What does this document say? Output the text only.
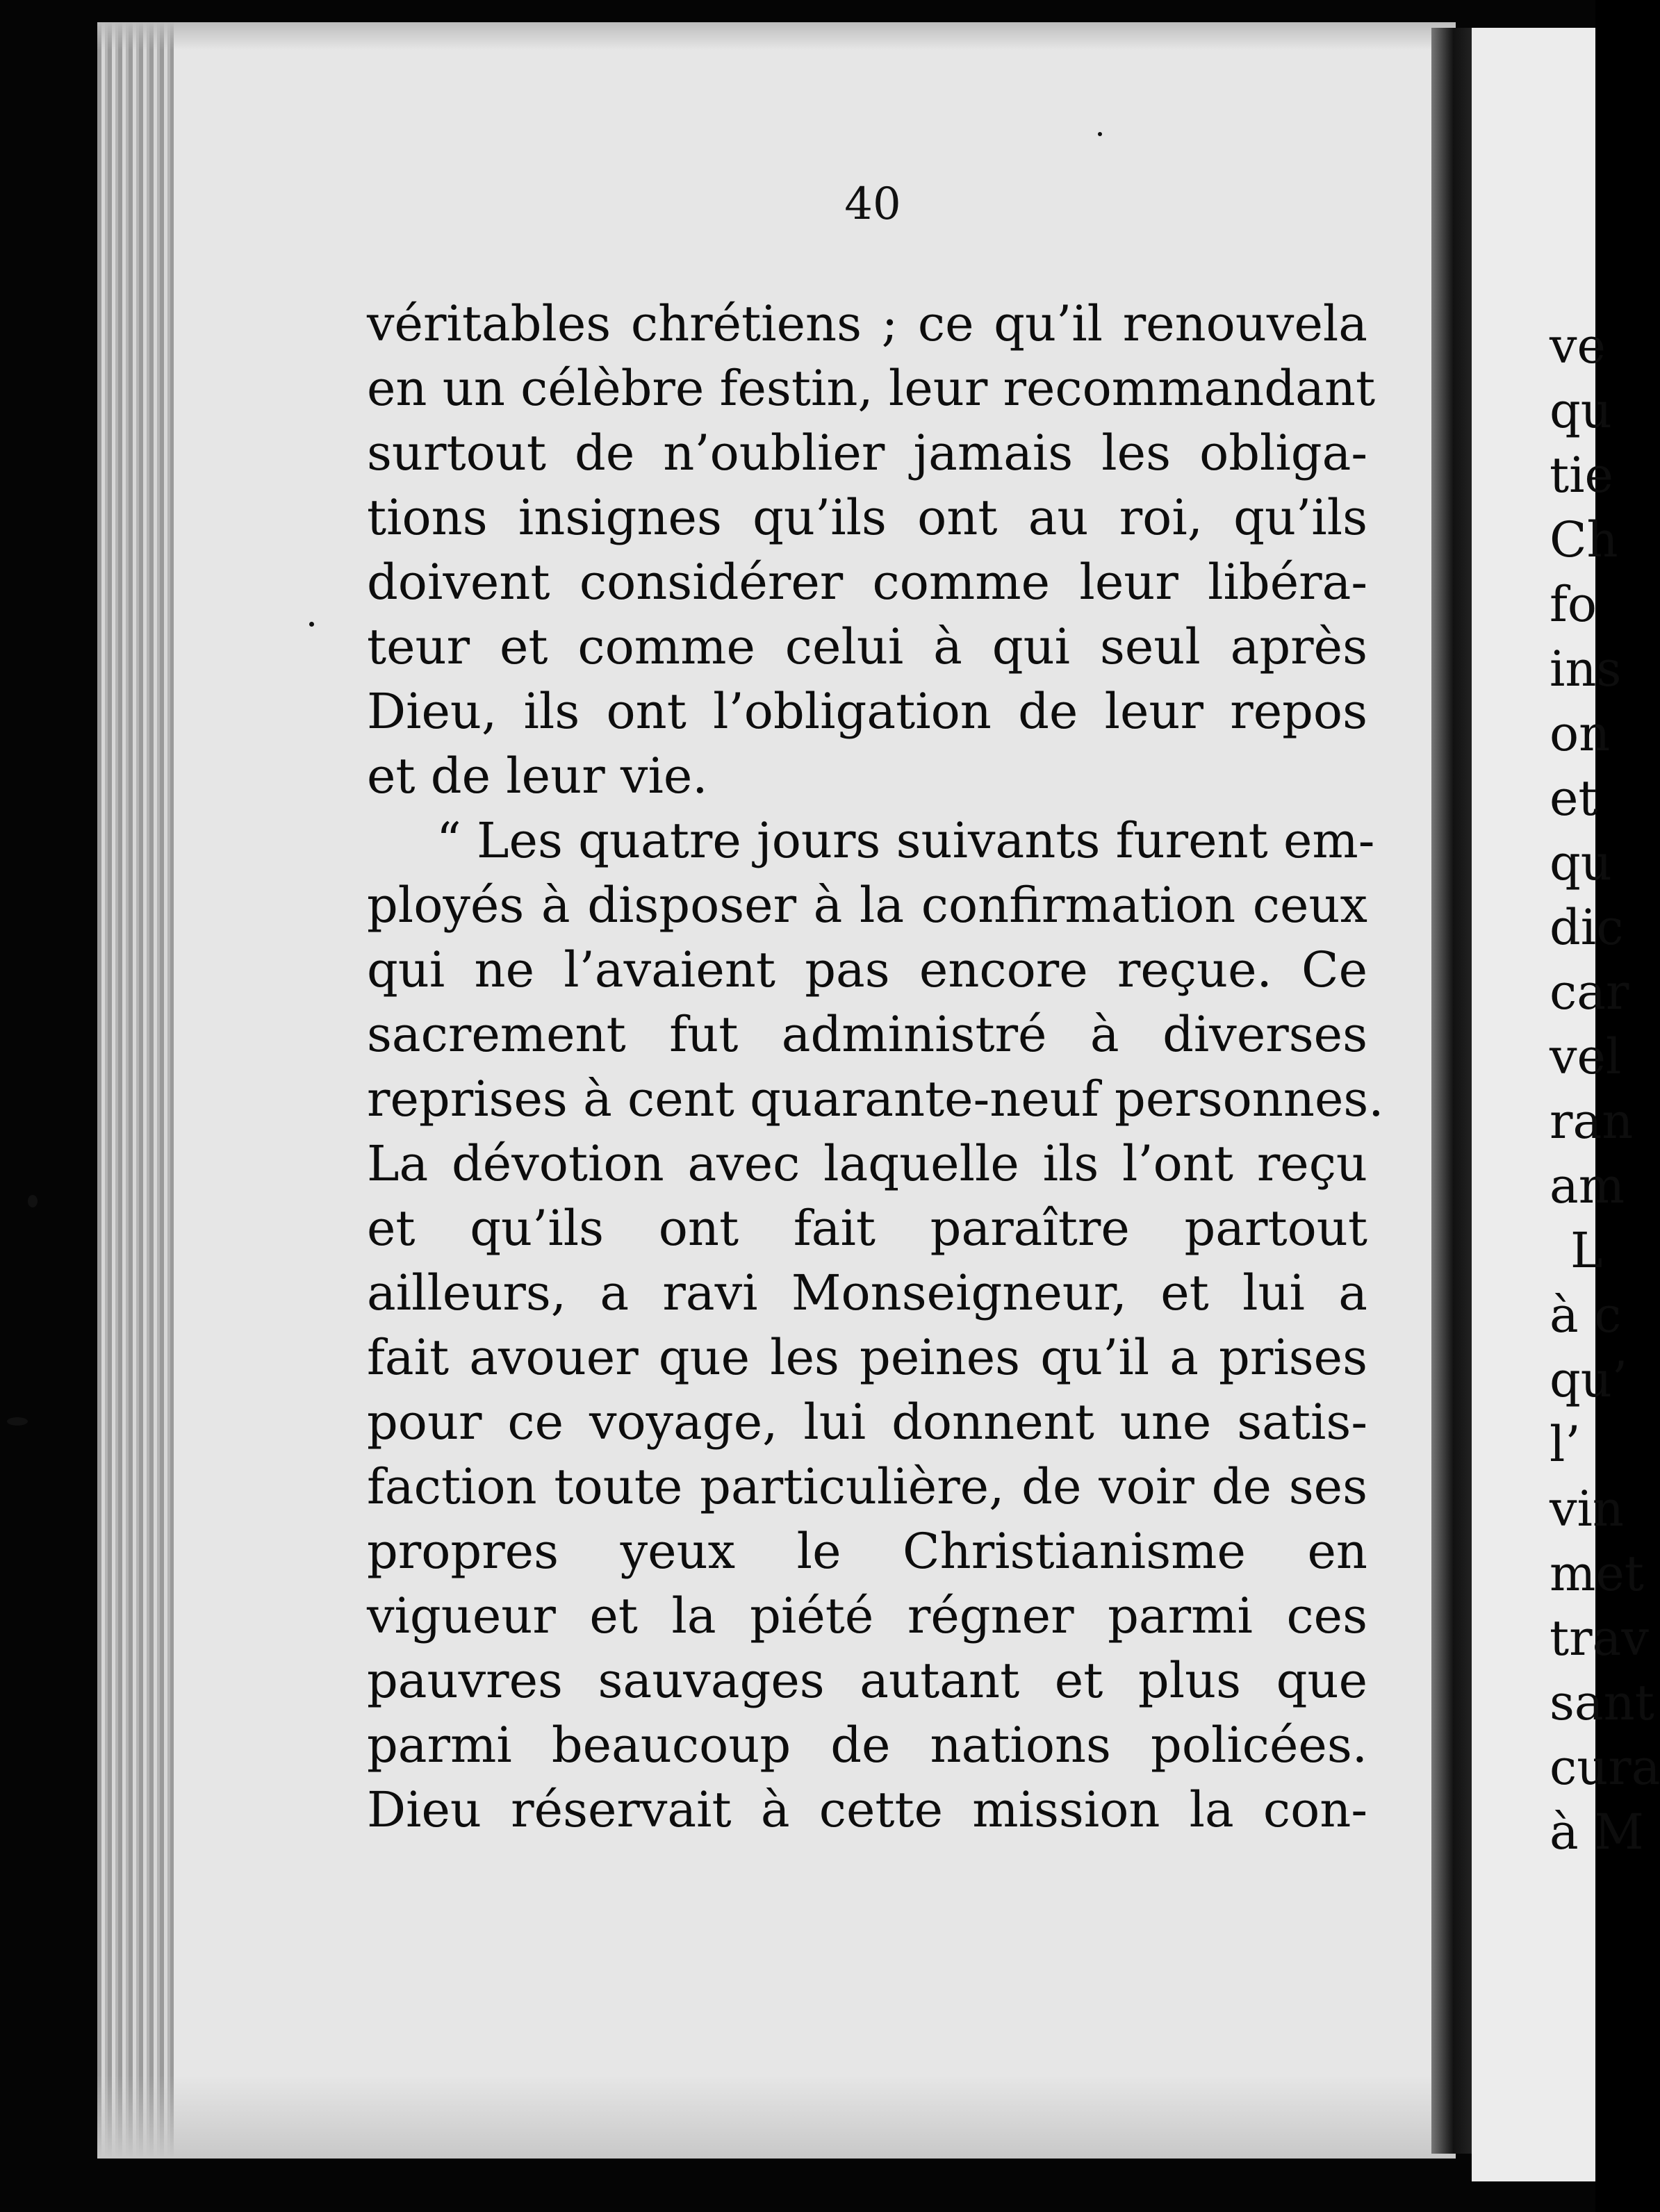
ve
qu
tie
Ch
fo
ins
on
et
qu
dic
car
vel
ran
am
L
à c
qu’
l’
vin
met
trav
sant
cura
à M
40
véritables chrétiens ; ce qu’il renouvela
en un célèbre festin, leur recommandant
surtout de n’oublier jamais les obliga-
tions insignes qu’ils ont au roi, qu’ils
doivent considérer comme leur libéra-
teur et comme celui à qui seul après
Dieu, ils ont l’obligation de leur repos
et de leur vie.
“ Les quatre jours suivants furent em-
ployés à disposer à la confirmation ceux
qui ne l’avaient pas encore reçue. Ce
sacrement fut administré à diverses
reprises à cent quarante-neuf personnes.
La dévotion avec laquelle ils l’ont reçu
et qu’ils ont fait paraître partout
ailleurs, a ravi Monseigneur, et lui a
fait avouer que les peines qu’il a prises
pour ce voyage, lui donnent une satis-
faction toute particulière, de voir de ses
propres yeux le Christianisme en
vigueur et la piété régner parmi ces
pauvres sauvages autant et plus que
parmi beaucoup de nations policées.
Dieu réservait à cette mission la con-
